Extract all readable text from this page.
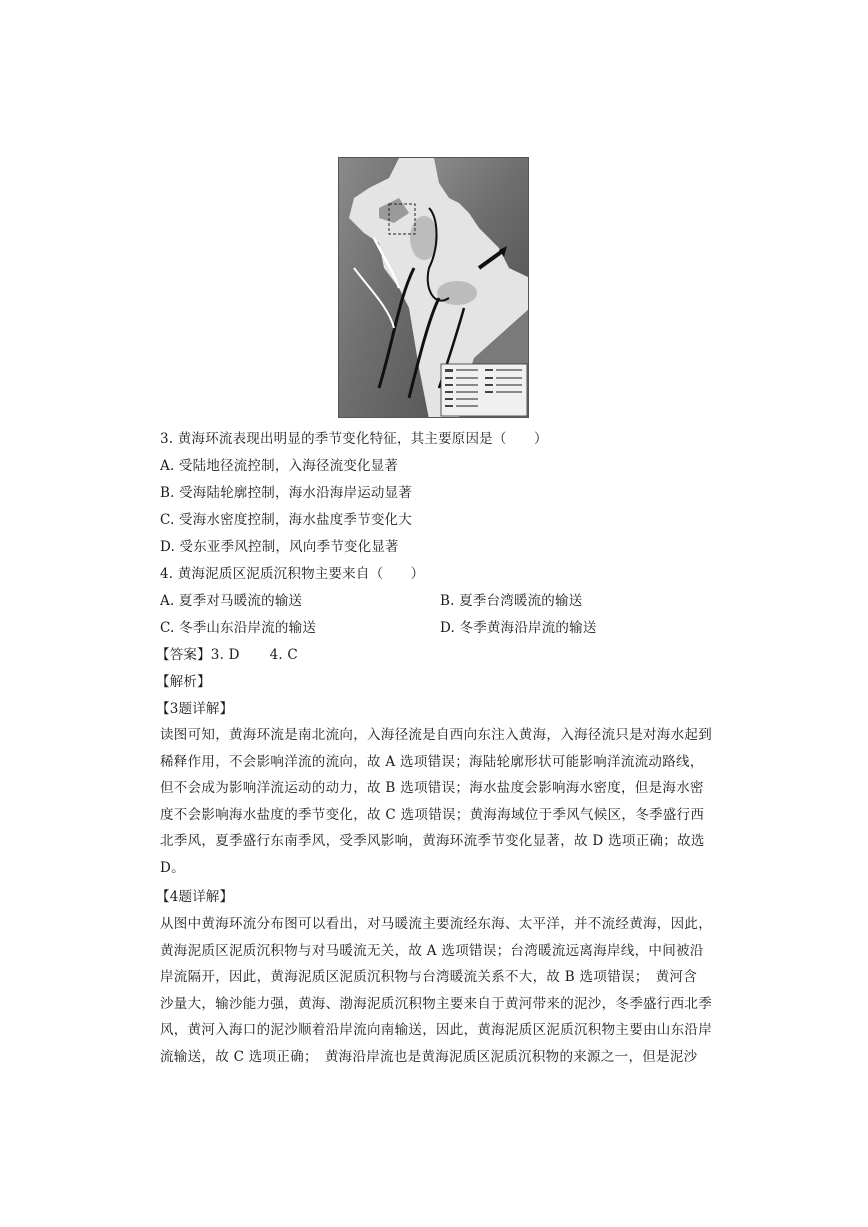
3. 黄海环流表现出明显的季节变化特征，其主要原因是（　　）
A. 受陆地径流控制，入海径流变化显著
B. 受海陆轮廓控制，海水沿海岸运动显著
C. 受海水密度控制，海水盐度季节变化大
D. 受东亚季风控制，风向季节变化显著
4. 黄海泥质区泥质沉积物主要来自（　　）
A. 夏季对马暖流的输送	B. 夏季台湾暖流的输送
C. 冬季山东沿岸流的输送	D. 冬季黄海沿岸流的输送
【答案】3. D 4. C
【解析】
【3题详解】
读图可知，黄海环流是南北流向，入海径流是自西向东注入黄海，入海径流只是对海水起到
稀释作用，不会影响洋流的流向，故 A 选项错误；海陆轮廓形状可能影响洋流流动路线，
但不会成为影响洋流运动的动力，故 B 选项错误；海水盐度会影响海水密度，但是海水密
度不会影响海水盐度的季节变化，故 C 选项错误；黄海海域位于季风气候区，冬季盛行西
北季风，夏季盛行东南季风，受季风影响，黄海环流季节变化显著，故 D 选项正确；故选
D。
【4题详解】
从图中黄海环流分布图可以看出，对马暖流主要流经东海、太平洋，并不流经黄海，因此，
黄海泥质区泥质沉积物与对马暖流无关，故 A 选项错误；台湾暖流远离海岸线，中间被沿
岸流隔开，因此，黄海泥质区泥质沉积物与台湾暖流关系不大，故 B 选项错误；　黄河含
沙量大，输沙能力强，黄海、渤海泥质沉积物主要来自于黄河带来的泥沙，冬季盛行西北季
风，黄河入海口的泥沙顺着沿岸流向南输送，因此，黄海泥质区泥质沉积物主要由山东沿岸
流输送，故 C 选项正确；　黄海沿岸流也是黄海泥质区泥质沉积物的来源之一，但是泥沙
